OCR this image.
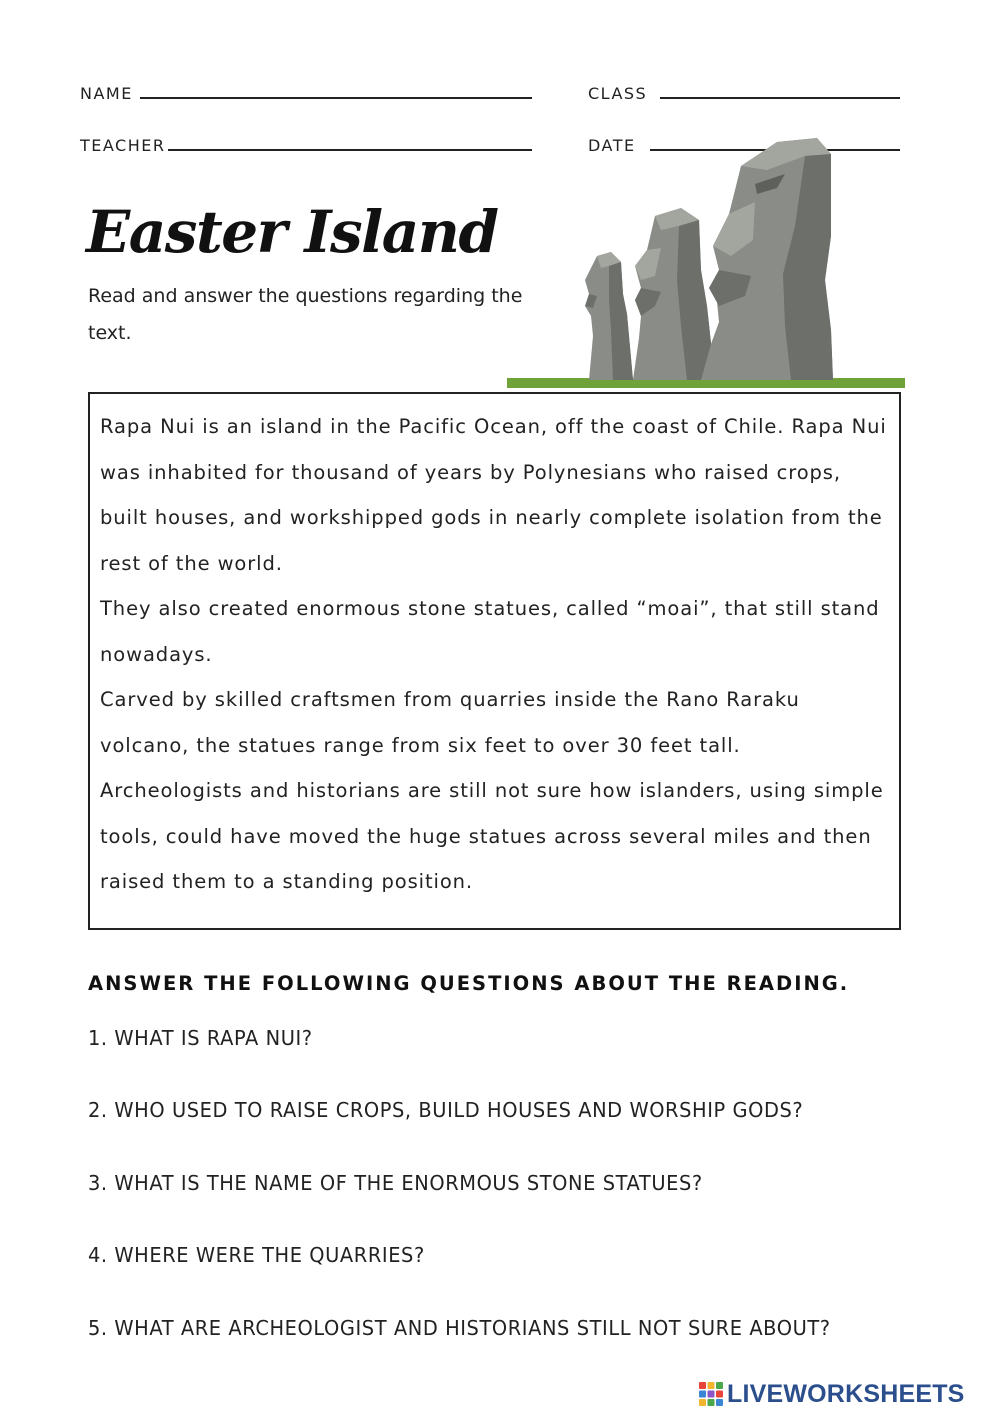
NAME	CLASS
TEACHER	DATE
Easter Island

Read and answer the questions regarding the text.

Rapa Nui is an island in the Pacific Ocean, off the coast of Chile. Rapa Nui was inhabited for thousand of years by Polynesians who raised crops, built houses, and workshipped gods in nearly complete isolation from the rest of the world.

They also created enormous stone statues, called “moai”, that still stand nowadays.

Carved by skilled craftsmen from quarries inside the Rano Raraku volcano, the statues range from six feet to over 30 feet tall.

Archeologists and historians are still not sure how islanders, using simple tools, could have moved the huge statues across several miles and then raised them to a standing position.

ANSWER THE FOLLOWING QUESTIONS ABOUT THE READING.

1. WHAT IS RAPA NUI?

2. WHO USED TO RAISE CROPS, BUILD HOUSES AND WORSHIP GODS?

3. WHAT IS THE NAME OF THE ENORMOUS STONE STATUES?

4. WHERE WERE THE QUARRIES?

5. WHAT ARE ARCHEOLOGIST AND HISTORIANS STILL NOT SURE ABOUT?

LIVEWORKSHEETS
